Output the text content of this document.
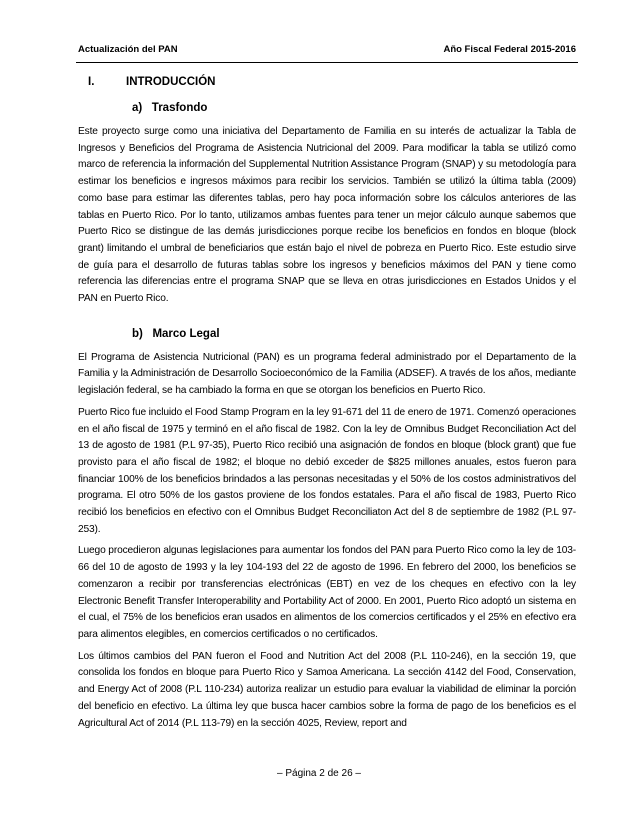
Actualización del PAN	Año Fiscal Federal 2015-2016
I.	INTRODUCCIÓN
a)   Trasfondo

Este proyecto surge como una iniciativa del Departamento de Familia en su interés de actualizar la Tabla de Ingresos y Beneficios del Programa de Asistencia Nutricional del 2009. Para modificar la tabla se utilizó como marco de referencia la información del Supplemental Nutrition Assistance Program (SNAP) y su metodología para estimar los beneficios e ingresos máximos para recibir los servicios. También se utilizó la última tabla (2009) como base para estimar las diferentes tablas, pero hay poca información sobre los cálculos anteriores de las tablas en Puerto Rico. Por lo tanto, utilizamos ambas fuentes para tener un mejor cálculo aunque sabemos que Puerto Rico se distingue de las demás jurisdicciones porque recibe los beneficios en fondos en bloque (block grant) limitando el umbral de beneficiarios que están bajo el nivel de pobreza en Puerto Rico. Este estudio sirve de guía para el desarrollo de futuras tablas sobre los ingresos y beneficios máximos del PAN y tiene como referencia las diferencias entre el programa SNAP que se lleva en otras jurisdicciones en Estados Unidos y el PAN en Puerto Rico.

b)   Marco Legal

El Programa de Asistencia Nutricional (PAN) es un programa federal administrado por el Departamento de la Familia y la Administración de Desarrollo Socioeconómico de la Familia (ADSEF). A través de los años, mediante legislación federal, se ha cambiado la forma en que se otorgan los beneficios en Puerto Rico.

Puerto Rico fue incluido el Food Stamp Program en la ley 91-671 del 11 de enero de 1971. Comenzó operaciones en el año fiscal de 1975 y terminó en el año fiscal de 1982. Con la ley de Omnibus Budget Reconciliation Act del 13 de agosto de 1981 (P.L 97-35), Puerto Rico recibió una asignación de fondos en bloque (block grant) que fue provisto para el año fiscal de 1982; el bloque no debió exceder de $825 millones anuales, estos fueron para financiar 100% de los beneficios brindados a las personas necesitadas y el 50% de los costos administrativos del programa. El otro 50% de los gastos proviene de los fondos estatales. Para el año fiscal de 1983, Puerto Rico recibió los beneficios en efectivo con el Omnibus Budget Reconciliaton Act del 8 de septiembre de 1982 (P.L 97-253).

Luego procedieron algunas legislaciones para aumentar los fondos del PAN para Puerto Rico como la ley de 103-66 del 10 de agosto de 1993 y la ley 104-193 del 22 de agosto de 1996. En febrero del 2000, los beneficios se comenzaron a recibir por transferencias electrónicas (EBT) en vez de los cheques en efectivo con la ley Electronic Benefit Transfer Interoperability and Portability Act of 2000. En 2001, Puerto Rico adoptó un sistema en el cual, el 75% de los beneficios eran usados en alimentos de los comercios certificados y el 25% en efectivo era para alimentos elegibles, en comercios certificados o no certificados.

Los últimos cambios del PAN fueron el Food and Nutrition Act del 2008 (P.L 110-246), en la sección 19, que consolida los fondos en bloque para Puerto Rico y Samoa Americana. La sección 4142 del Food, Conservation, and Energy Act of 2008 (P.L 110-234) autoriza realizar un estudio para evaluar la viabilidad de eliminar la porción del beneficio en efectivo. La última ley que busca hacer cambios sobre la forma de pago de los beneficios es el Agricultural Act of 2014 (P.L 113-79) en la sección 4025, Review, report and

– Página 2 de 26 –
